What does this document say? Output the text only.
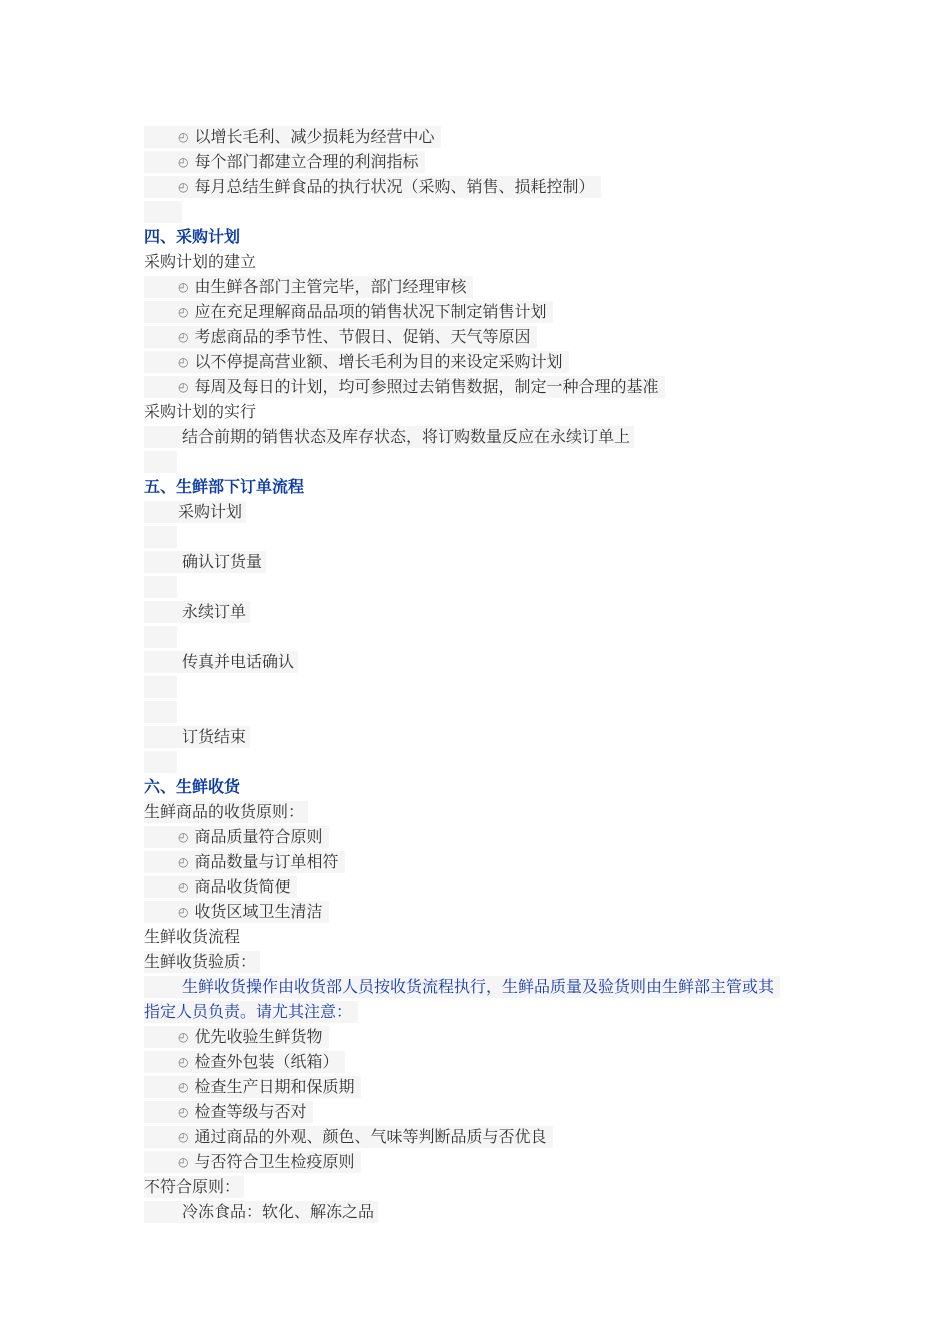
◴ 以增长毛利、减少损耗为经营中心
◴ 每个部门都建立合理的利润指标
◴ 每月总结生鲜食品的执行状况（采购、销售、损耗控制）
四、采购计划
采购计划的建立
◴ 由生鲜各部门主管完毕，部门经理审核
◴ 应在充足理解商品品项的销售状况下制定销售计划
◴ 考虑商品的季节性、节假日、促销、天气等原因
◴ 以不停提高营业额、增长毛利为目的来设定采购计划
◴ 每周及每日的计划，均可参照过去销售数据，制定一种合理的基准
采购计划的实行
结合前期的销售状态及库存状态，将订购数量反应在永续订单上
五、生鲜部下订单流程
采购计划
确认订货量
永续订单
传真并电话确认
订货结束
六、生鲜收货
生鲜商品的收货原则：
◴ 商品质量符合原则
◴ 商品数量与订单相符
◴ 商品收货简便
◴ 收货区域卫生清洁
生鲜收货流程
生鲜收货验质：
生鲜收货操作由收货部人员按收货流程执行，生鲜品质量及验货则由生鲜部主管或其
指定人员负责。请尤其注意：
◴ 优先收验生鲜货物
◴ 检查外包装（纸箱）
◴ 检查生产日期和保质期
◴ 检查等级与否对
◴ 通过商品的外观、颜色、气味等判断品质与否优良
◴ 与否符合卫生检疫原则
不符合原则：
冷冻食品：软化、解冻之品
